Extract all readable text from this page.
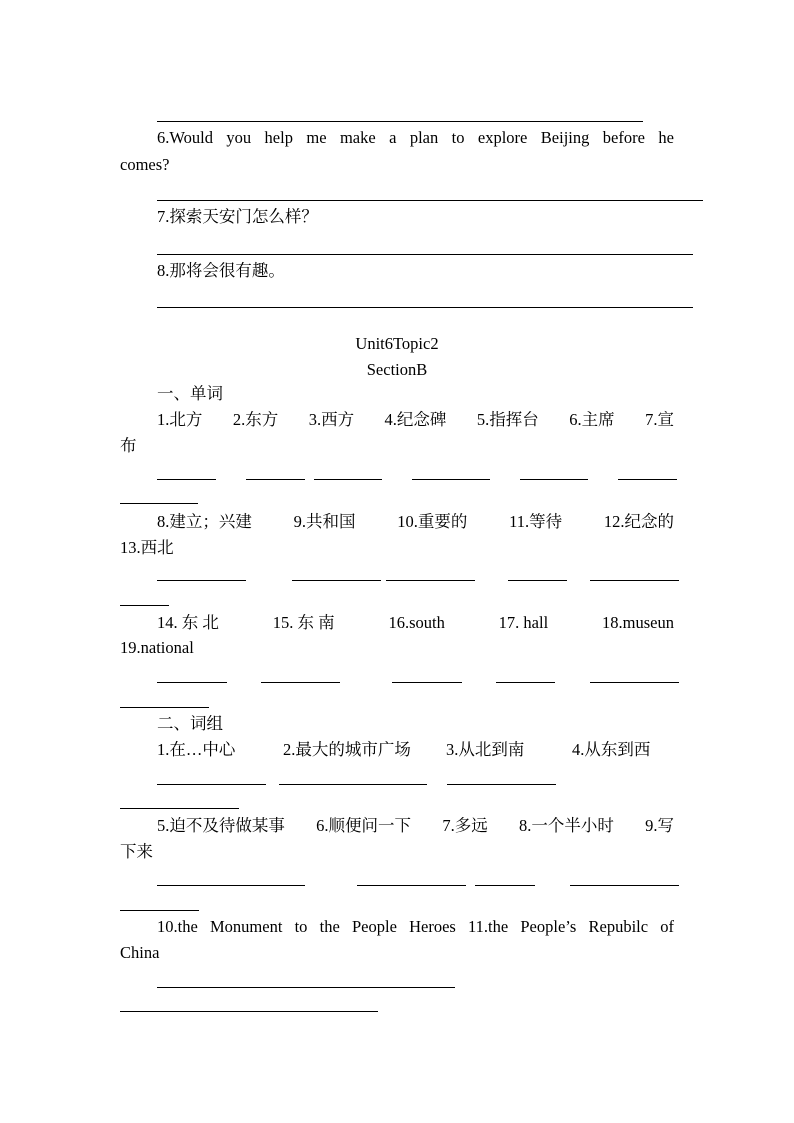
6.Would you help me make a plan to explore Beijing before he
comes?
7.探索天安门怎么样？
8.那将会很有趣。
Unit6Topic2
SectionB
一、单词
1.北方 2.东方 3.西方 4.纪念碑 5.指挥台 6.主席 7.宣
布
8.建立；兴建	9.共和国	10.重要的	11.等待	12.纪念的
13.西北
14. 东 北	15. 东 南	16.south	17. hall	18.museun
19.national
二、词组
1.在…中心	2.最大的城市广场 3.从北到南	4.从东到西
5.迫不及待做某事 6.顺便问一下 7.多远 8.一个半小时 9.写
下来
10.the Monument to the People Heroes 11.the People’s Repubilc of
China
